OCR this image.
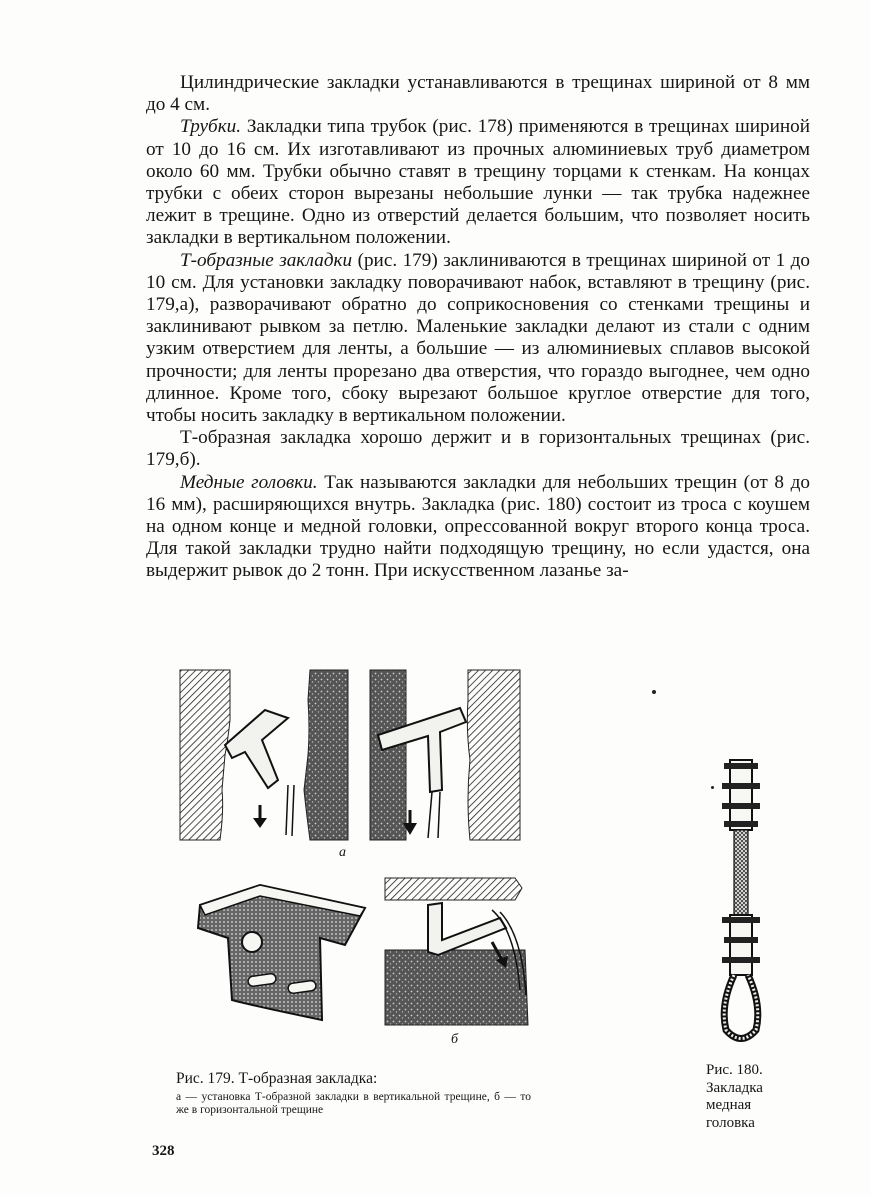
Цилиндрические закладки устанавливаются в трещинах шириной от 8 мм до 4 см.

Трубки. Закладки типа трубок (рис. 178) применяются в трещинах шириной от 10 до 16 см. Их изготавливают из прочных алюминиевых труб диаметром около 60 мм. Трубки обычно ставят в трещину торцами к стенкам. На концах трубки с обеих сторон вырезаны небольшие лунки — так трубка надежнее лежит в трещине. Одно из отверстий делается большим, что позволяет носить закладки в вертикальном положении.

Т-образные закладки (рис. 179) заклиниваются в трещинах шириной от 1 до 10 см. Для установки закладку поворачивают набок, вставляют в трещину (рис. 179,а), разворачивают обратно до соприкосновения со стенками трещины и заклинивают рывком за петлю. Маленькие закладки делают из стали с одним узким отверстием для ленты, а большие — из алюминиевых сплавов высокой прочности; для ленты прорезано два отверстия, что гораздо выгоднее, чем одно длинное. Кроме того, сбоку вырезают большое круглое отверстие для того, чтобы носить закладку в вертикальном положении.

Т-образная закладка хорошо держит и в горизонтальных трещинах (рис. 179,б).

Медные головки. Так называются закладки для небольших трещин (от 8 до 16 мм), расширяющихся внутрь. Закладка (рис. 180) состоит из троса с коушем на одном конце и медной головки, опрессованной вокруг второго конца троса. Для такой закладки трудно найти подходящую трещину, но если удастся, она выдержит рывок до 2 тонн. При искусственном лазанье за-

а
б
Рис. 179. Т-образная закладка:
а — установка Т-образной закладки в вертикальной трещине, б — то же в горизонтальной трещине
Рис. 180.
Закладка
медная
головка
328
